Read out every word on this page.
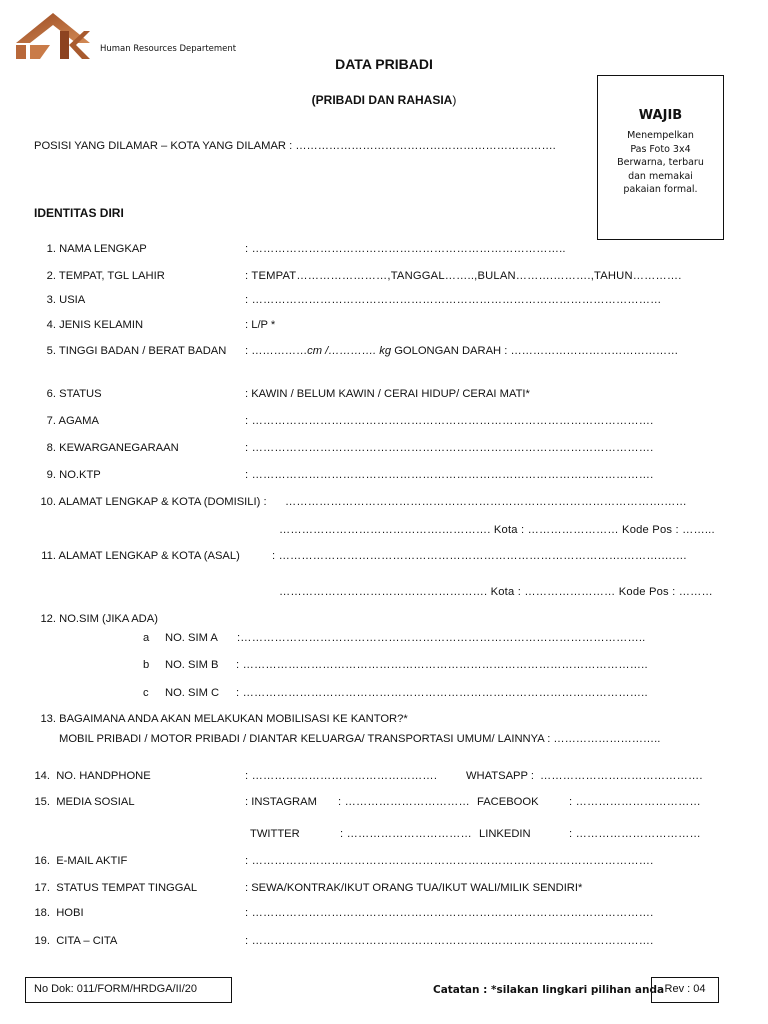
Human Resources Departement
DATA PRIBADI
(PRIBADI DAN RAHASIA)
WAJIB
Menempelkan
Pas Foto 3x4
Berwarna, terbaru
dan memakai
pakaian formal.
POSISI YANG DILAMAR – KOTA YANG DILAMAR : …………………………………………………………….
IDENTITAS DIRI
1. NAMA LENGKAP	: ………………………………………………………………………..
2. TEMPAT, TGL LAHIR	: TEMPAT……………………,TANGGAL……..,BULAN……….……….,TAHUN………….
3. USIA	: ………………………………………………………………………………………………
4. JENIS KELAMIN	: L/P *
5. TINGGI BADAN / BERAT BADAN : ……………cm /…………. kg GOLONGAN DARAH : ………………………………………
6. STATUS	: KAWIN / BELUM KAWIN / CERAI HIDUP/ CERAI MATI*
7. AGAMA	: …………………………………………………………………………………………….
8. KEWARGANEGARAAN	: …………………………………………………………………………………………….
9. NO.KTP	: …………………………………………………………………………………………….
10. ALAMAT LENGKAP & KOTA (DOMISILI) : ……………………………………………………………………………………….……
…………………………………….…………. Kota : …………………… Kode Pos : ……...
11. ALAMAT LENGKAP & KOTA (ASAL)	: ……………………………………………………………………………….……….….…
………………………………………………. Kota : …………………… Kode Pos : ………
12. NO.SIM (JIKA ADA)
a NO. SIM A :……………………………………………………………………………………………..
b NO. SIM B : ……………………………………………………………………………………………..
c NO. SIM C : ……………………………………………………………………………………………..
13. BAGAIMANA ANDA AKAN MELAKUKAN MOBILISASI KE KANTOR?*
MOBIL PRIBADI / MOTOR PRIBADI / DIANTAR KELUARGA/ TRANSPORTASI UMUM/ LAINNYA : ………………………..
14. NO. HANDPHONE	: ………………………………………….	WHATSAPP : …………………………………….
15. MEDIA SOSIAL	: INSTAGRAM : …………………………… FACEBOOK	: ……………………………
TWITTER	: …………………………… LINKEDIN	: ……………………………
16. E-MAIL AKTIF	: …………………………………………………………………………………………….
17. STATUS TEMPAT TINGGAL	: SEWA/KONTRAK/IKUT ORANG TUA/IKUT WALI/MILIK SENDIRI*
18. HOBI	: …………………………………………………………………………………………….
19. CITA – CITA	: …………………………………………………………………………………………….
No Dok: 011/FORM/HRDGA/II/20	Catatan : *silakan lingkari pilihan anda Rev : 04
